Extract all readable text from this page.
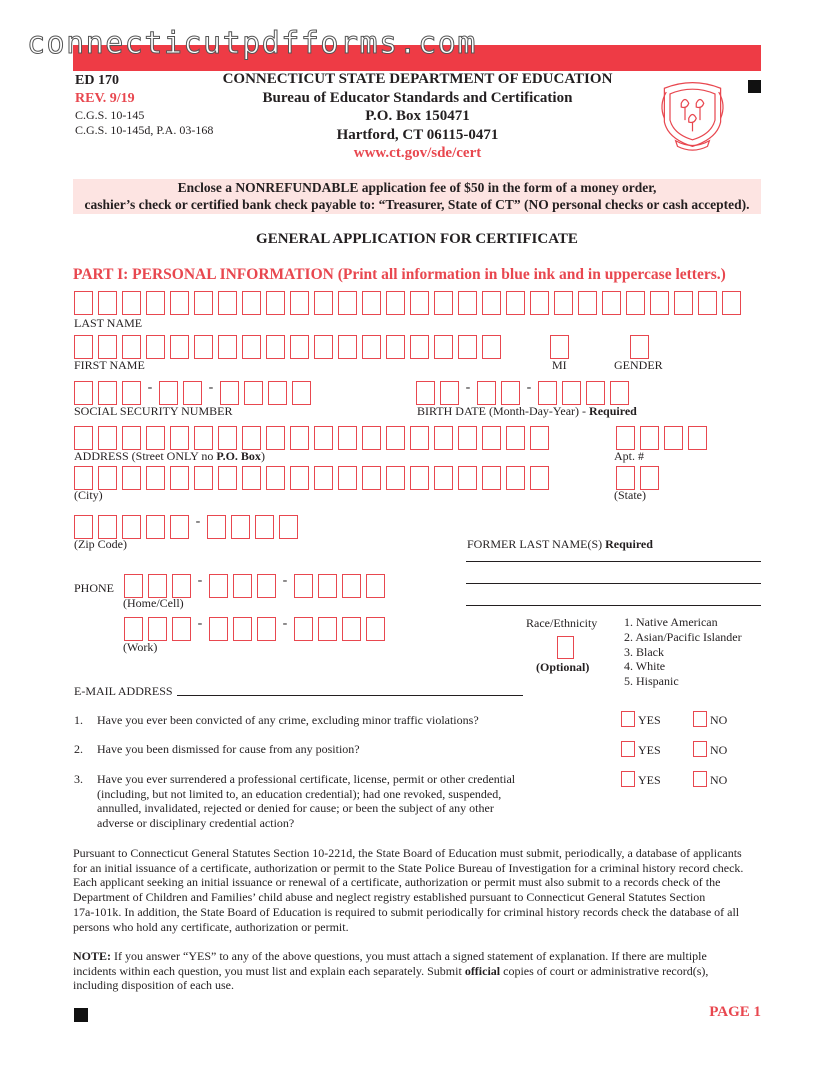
connecticutpdfforms.com
ED 170
REV. 9/19
C.G.S. 10-145
C.G.S. 10-145d, P.A. 03-168
CONNECTICUT STATE DEPARTMENT OF EDUCATION
Bureau of Educator Standards and Certification
P.O. Box 150471
Hartford, CT 06115-0471
www.ct.gov/sde/cert
Enclose a NONREFUNDABLE application fee of $50 in the form of a money order,
cashier’s check or certified bank check payable to: “Treasurer, State of CT” (NO personal checks or cash accepted).
GENERAL APPLICATION FOR CERTIFICATE
PART I: PERSONAL INFORMATION (Print all information in blue ink and in uppercase letters.)
LAST NAME
FIRST NAME	MI	GENDER
-	-
SOCIAL SECURITY NUMBER
-	-
BIRTH DATE (Month-Day-Year) - Required
ADDRESS (Street ONLY no P.O. Box)	Apt. #
(City)	(State)
-
(Zip Code)	FORMER LAST NAME(S) Required
PHONE	-	-
(Home/Cell)
-	-
(Work)
Race/Ethnicity
(Optional)
1. Native American
2. Asian/Pacific Islander
3. Black
4. White
5. Hispanic
E-MAIL ADDRESS
1. Have you ever been convicted of any crime, excluding minor traffic violations?
2. Have you been dismissed for cause from any position?
3. Have you ever surrendered a professional certificate, license, permit or other credential
(including, but not limited to, an education credential); had one revoked, suspended,
annulled, invalidated, rejected or denied for cause; or been the subject of any other
adverse or disciplinary credential action?
YES	NO
YES	NO
YES	NO
Pursuant to Connecticut General Statutes Section 10-221d, the State Board of Education must submit, periodically, a database of applicants
for an initial issuance of a certificate, authorization or permit to the State Police Bureau of Investigation for a criminal history record check.
Each applicant seeking an initial issuance or renewal of a certificate, authorization or permit must also submit to a records check of the
Department of Children and Families’ child abuse and neglect registry established pursuant to Connecticut General Statutes Section
17a-101k. In addition, the State Board of Education is required to submit periodically for criminal history records check the database of all
persons who hold any certificate, authorization or permit.
NOTE: If you answer “YES” to any of the above questions, you must attach a signed statement of explanation. If there are multiple
incidents within each question, you must list and explain each separately. Submit official copies of court or administrative record(s),
including disposition of each use.
PAGE 1
